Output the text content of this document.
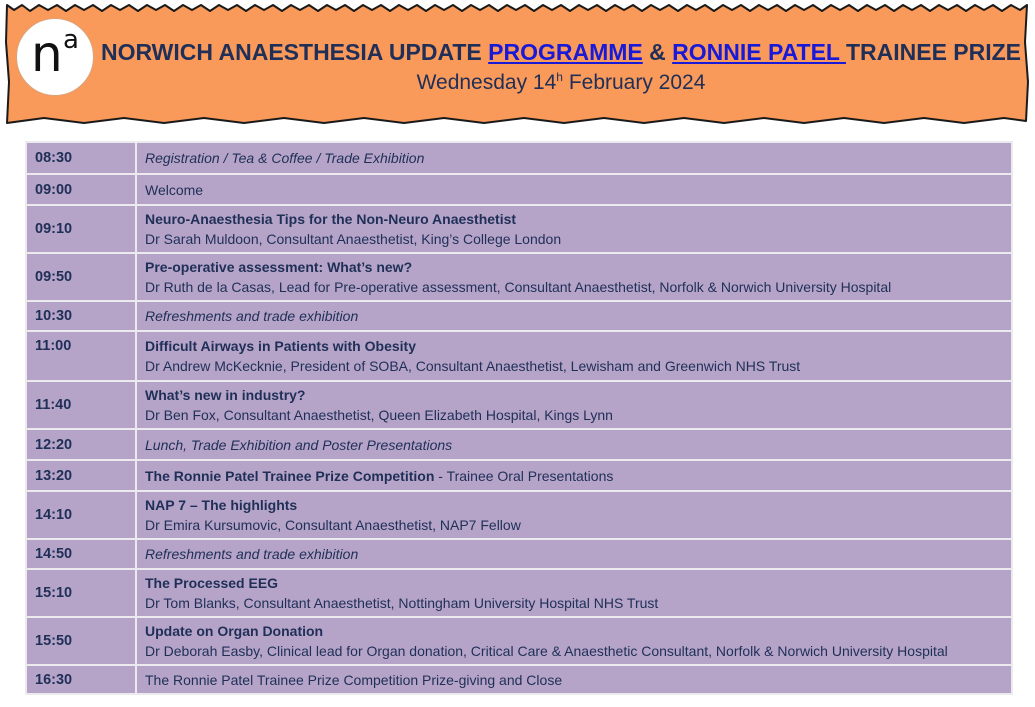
n a NORWICH ANAESTHESIA UPDATE PROGRAMME & RONNIE PATEL TRAINEE PRIZE
Wednesday 14$^h$ February 2024
08:30	Registration / Tea & Coffee / Trade Exhibition
09:00	Welcome
09:10	Neuro-Anaesthesia Tips for the Non-Neuro Anaesthetist
Dr Sarah Muldoon, Consultant Anaesthetist, King’s College London

09:50	Pre-operative assessment: What’s new?
Dr Ruth de la Casas, Lead for Pre-operative assessment, Consultant Anaesthetist, Norfolk & Norwich University Hospital

10:30	Refreshments and trade exhibition
11:00	Difficult Airways in Patients with Obesity
Dr Andrew McKecknie, President of SOBA, Consultant Anaesthetist, Lewisham and Greenwich NHS Trust

11:40	What’s new in industry?
Dr Ben Fox, Consultant Anaesthetist, Queen Elizabeth Hospital, Kings Lynn

12:20	Lunch, Trade Exhibition and Poster Presentations
13:20	The Ronnie Patel Trainee Prize Competition - Trainee Oral Presentations
14:10	NAP 7 – The highlights
Dr Emira Kursumovic, Consultant Anaesthetist, NAP7 Fellow

14:50	Refreshments and trade exhibition
15:10	The Processed EEG
Dr Tom Blanks, Consultant Anaesthetist, Nottingham University Hospital NHS Trust

15:50	Update on Organ Donation
Dr Deborah Easby, Clinical lead for Organ donation, Critical Care & Anaesthetic Consultant, Norfolk & Norwich University Hospital

16:30	The Ronnie Patel Trainee Prize Competition Prize-giving and Close
